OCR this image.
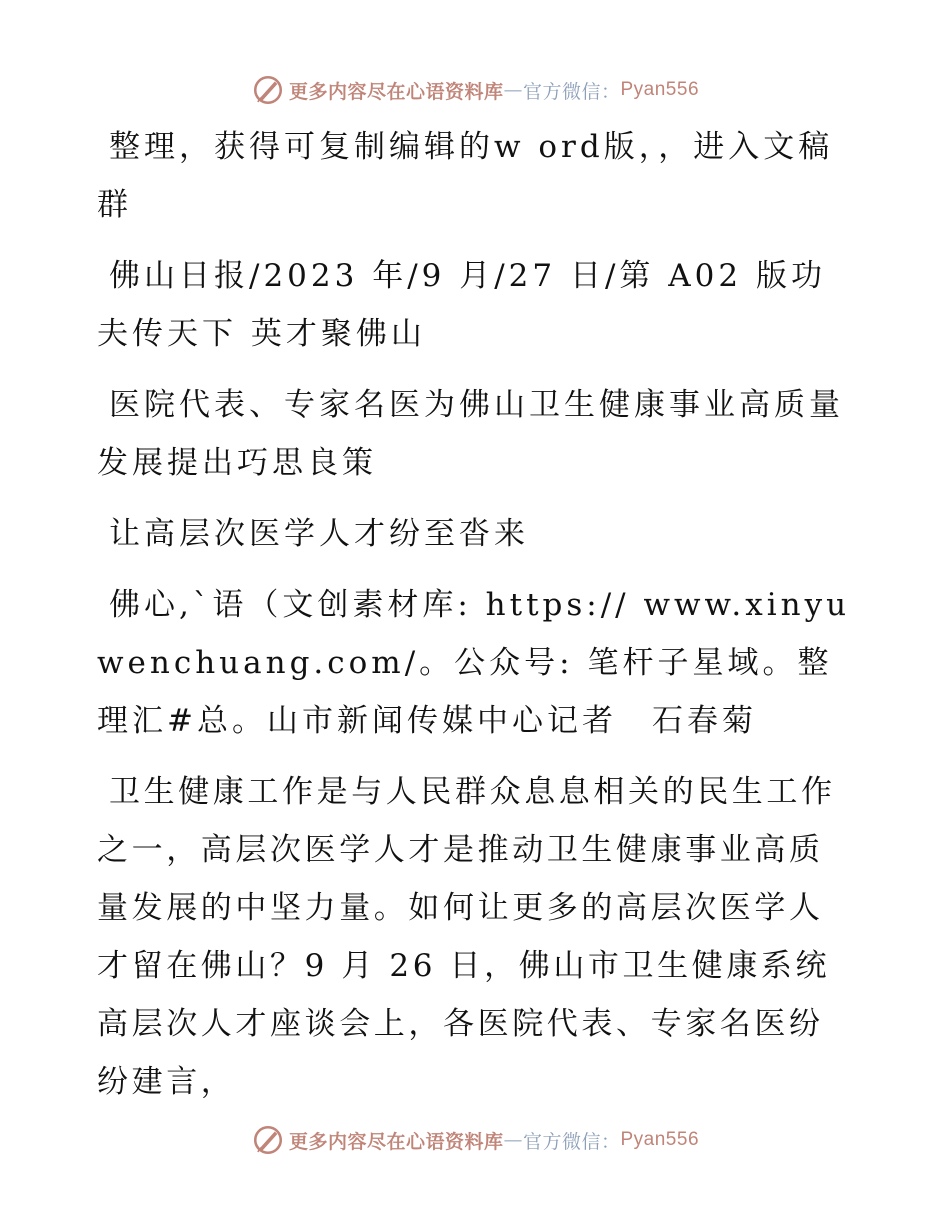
更多内容尽在心语资料库 — 官方微信： Pyan556

整理，获得可复制编辑的w ord版，，进入文稿群

佛山日报/2023 年/9 月/27 日/第 A02 版功夫传天下 英才聚佛山

医院代表、专家名医为佛山卫生健康事业高质量发展提出巧思良策

让高层次医学人才纷至沓来

佛心,`语（文创素材库: https:// www.xinyuwenchuang.com/。公众号: 笔杆子星域。整理汇#总。山市新闻传媒中心记者　石春菊

卫生健康工作是与人民群众息息相关的民生工作之一，高层次医学人才是推动卫生健康事业高质量发展的中坚力量。如何让更多的高层次医学人才留在佛山？9 月 26 日，佛山市卫生健康系统高层次人才座谈会上，各医院代表、专家名医纷纷建言，

更多内容尽在心语资料库 — 官方微信： Pyan556
